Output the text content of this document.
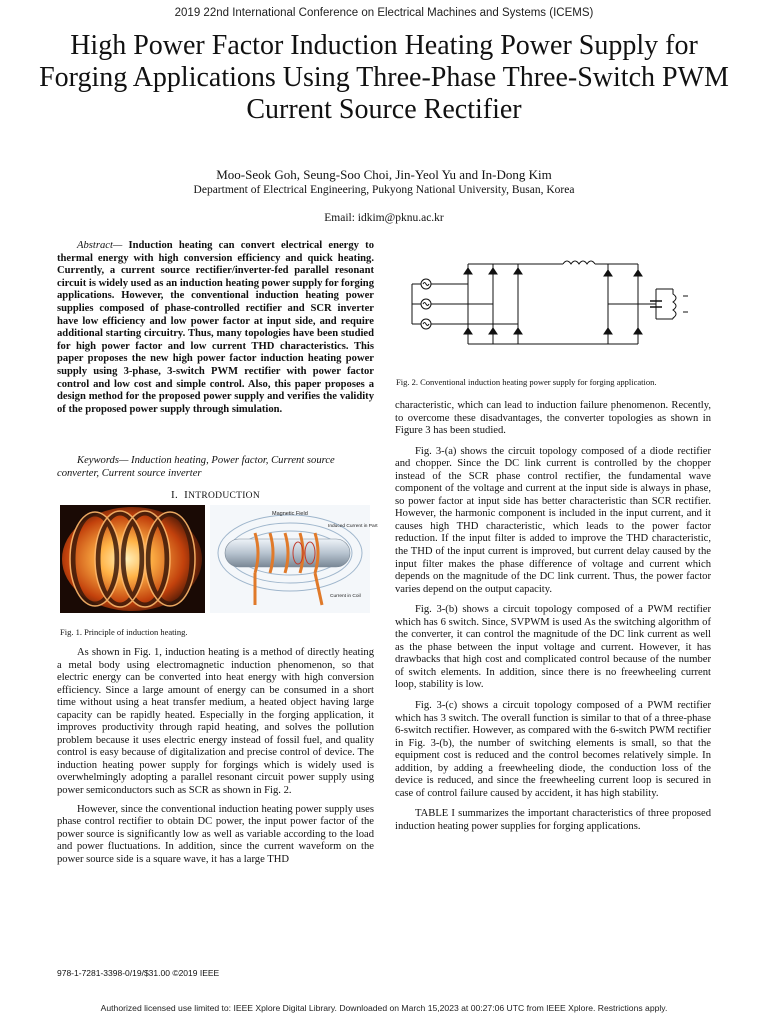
2019 22nd International Conference on Electrical Machines and Systems (ICEMS)
High Power Factor Induction Heating Power Supply for Forging Applications Using Three-Phase Three-Switch PWM Current Source Rectifier
Moo-Seok Goh, Seung-Soo Choi, Jin-Yeol Yu and In-Dong Kim
Department of Electrical Engineering, Pukyong National University, Busan, Korea
Email: idkim@pknu.ac.kr

Abstract— Induction heating can convert electrical energy to thermal energy with high conversion efficiency and quick heating. Currently, a current source rectifier/inverter-fed parallel resonant circuit is widely used as an induction heating power supply for forging applications. However, the conventional induction heating power supplies composed of phase-controlled rectifier and SCR inverter have low efficiency and low power factor at input side, and require additional starting circuitry. Thus, many topologies have been studied for high power factor and low current THD characteristics. This paper proposes the new high power factor induction heating power supply using 3-phase, 3-switch PWM rectifier with power factor control and low cost and simple control. Also, this paper proposes a design method for the proposed power supply and verifies the validity of the proposed power supply through simulation.

Keywords— Induction heating, Power factor, Current source converter, Current source inverter
I. INTRODUCTION
Magnetic Field
Induced Current in Part
Current in Coil
Fig. 1. Principle of induction heating.

As shown in Fig. 1, induction heating is a method of directly heating a metal body using electromagnetic induction phenomenon, so that electric energy can be converted into heat energy with high conversion efficiency. Since a large amount of energy can be consumed in a short time without using a heat transfer medium, a heated object having large capacity can be rapidly heated. Especially in the forging application, it improves productivity through rapid heating, and solves the pollution problem because it uses electric energy instead of fossil fuel, and quality control is easy because of digitalization and precise control of device. The induction heating power supply for forgings which is widely used is overwhelmingly adopting a parallel resonant circuit power supply using power semiconductors such as SCR as shown in Fig. 2.

However, since the conventional induction heating power supply uses phase control rectifier to obtain DC power, the input power factor of the power source is significantly low as well as variable according to the load and power fluctuations. In addition, since the current waveform on the power source side is a square wave, it has a large THD

Fig. 2. Conventional induction heating power supply for forging application.

characteristic, which can lead to induction failure phenomenon. Recently, to overcome these disadvantages, the converter topologies as shown in Figure 3 has been studied.

Fig. 3-(a) shows the circuit topology composed of a diode rectifier and chopper. Since the DC link current is controlled by the chopper instead of the SCR phase control rectifier, the fundamental wave component of the voltage and current at the input side is always in phase, so power factor at input side has better characteristic than SCR rectifier. However, the harmonic component is included in the input current, and it causes high THD characteristic, which leads to the power factor reduction. If the input filter is added to improve the THD characteristic, the THD of the input current is improved, but current delay caused by the input filter makes the phase difference of voltage and current which depends on the magnitude of the DC link current. Thus, the power factor varies depend on the output capacity.

Fig. 3-(b) shows a circuit topology composed of a PWM rectifier which has 6 switch. Since, SVPWM is used As the switching algorithm of the converter, it can control the magnitude of the DC link current as well as the phase between the input voltage and current. However, it has drawbacks that high cost and complicated control because of the number of switch elements. In addition, since there is no freewheeling current loop, stability is low.

Fig. 3-(c) shows a circuit topology composed of a PWM rectifier which has 3 switch. The overall function is similar to that of a three-phase 6-switch rectifier. However, as compared with the 6-switch PWM rectifier in Fig. 3-(b), the number of switching elements is small, so that the equipment cost is reduced and the control becomes relatively simple. In addition, by adding a freewheeling diode, the conduction loss of the device is reduced, and since the freewheeling current loop is secured in case of control failure caused by accident, it has high stability.

TABLE I summarizes the important characteristics of three proposed induction heating power supplies for forging applications.

978-1-7281-3398-0/19/$31.00 ©2019 IEEE
Authorized licensed use limited to: IEEE Xplore Digital Library. Downloaded on March 15,2023 at 00:27:06 UTC from IEEE Xplore. Restrictions apply.
